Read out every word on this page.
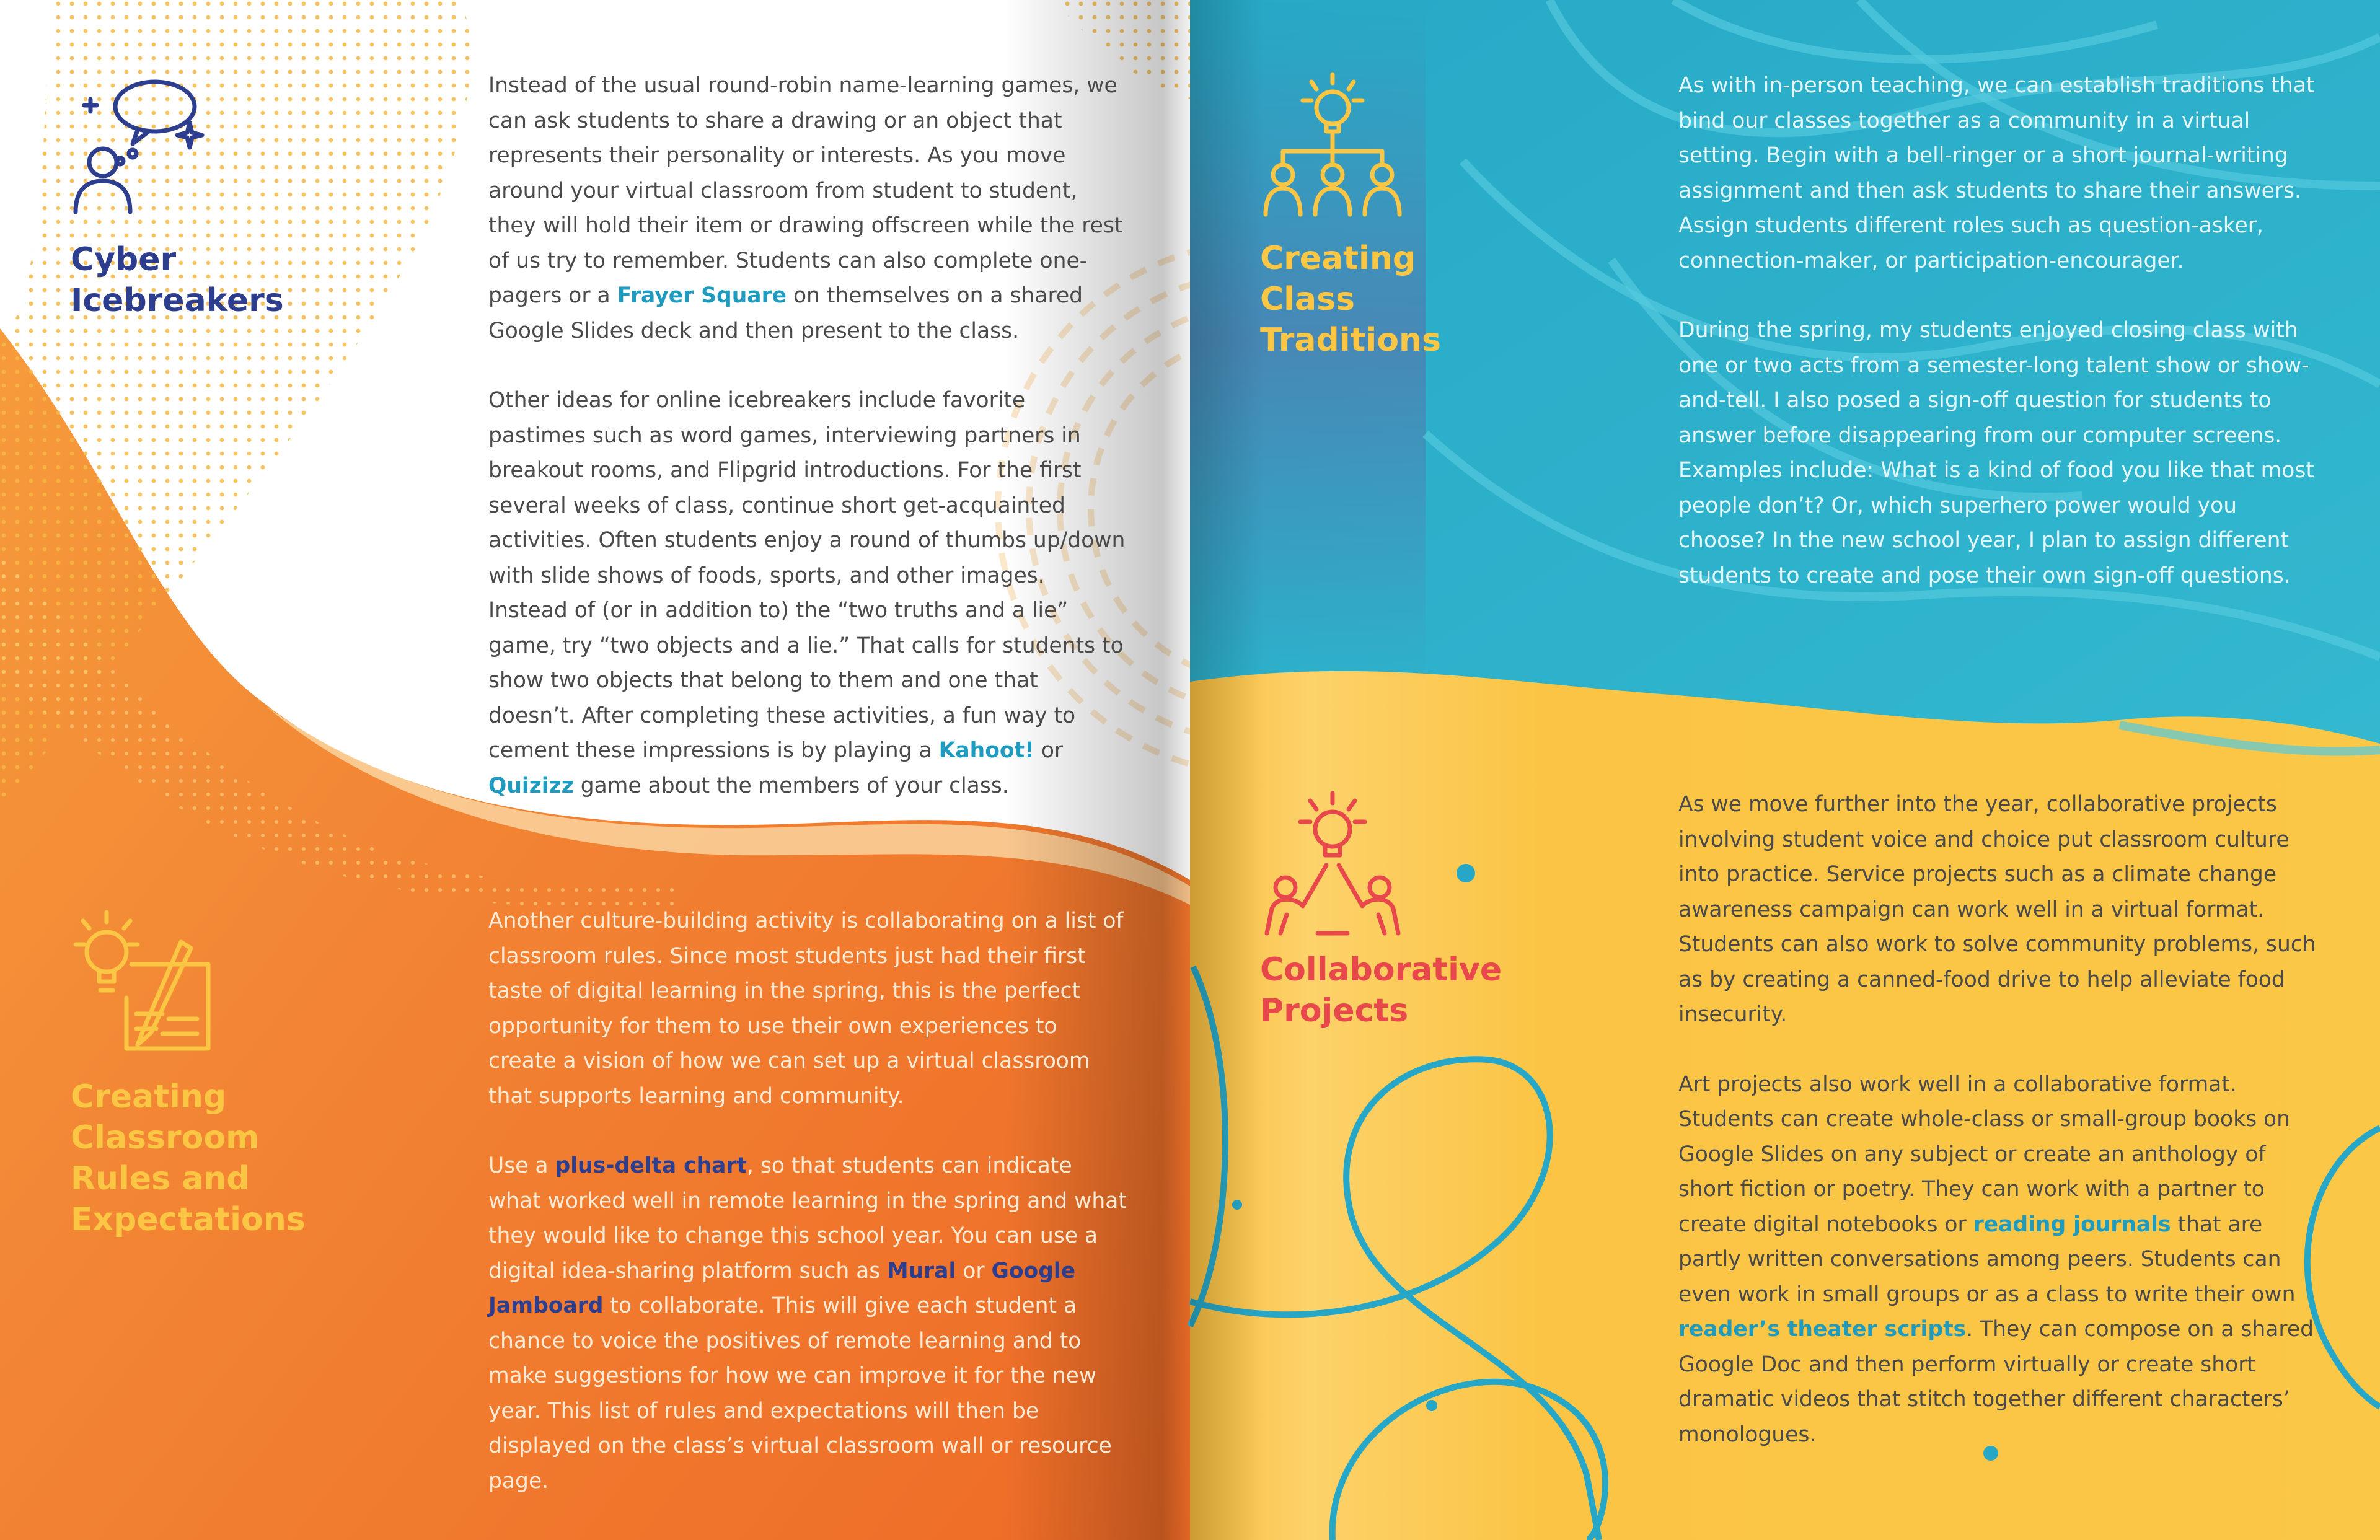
Cyber
Icebreakers

Instead of the usual round-robin name-learning games, we can ask students to share a drawing or an object that represents their personality or interests. As you move around your virtual classroom from student to student, they will hold their item or drawing offscreen while the rest of us try to remember. Students can also complete one-pagers or a Frayer Square on themselves on a shared Google Slides deck and then present to the class.

Other ideas for online icebreakers include favorite pastimes such as word games, interviewing partners in breakout rooms, and Flipgrid introductions. For the first several weeks of class, continue short get-acquainted activities. Often students enjoy a round of thumbs up/down with slide shows of foods, sports, and other images. Instead of (or in addition to) the “two truths and a lie” game, try “two objects and a lie.” That calls for students to show two objects that belong to them and one that doesn’t. After completing these activities, a fun way to cement these impressions is by playing a Kahoot! or Quizizz game about the members of your class.

Creating
Classroom
Rules and
Expectations

Another culture-building activity is collaborating on a list of classroom rules. Since most students just had their first taste of digital learning in the spring, this is the perfect opportunity for them to use their own experiences to create a vision of how we can set up a virtual classroom that supports learning and community.

Use a plus-delta chart, so that students can indicate what worked well in remote learning in the spring and what they would like to change this school year. You can use a digital idea-sharing platform such as Mural or Google Jamboard to collaborate. This will give each student a chance to voice the positives of remote learning and to make suggestions for how we can improve it for the new year. This list of rules and expectations will then be displayed on the class’s virtual classroom wall or resource page.

Creating Class
Traditions

As with in-person teaching, we can establish traditions that bind our classes together as a community in a virtual setting. Begin with a bell-ringer or a short journal-writing assignment and then ask students to share their answers. Assign students different roles such as question-asker, connection-maker, or participation-encourager.

During the spring, my students enjoyed closing class with one or two acts from a semester-long talent show or show-and-tell. I also posed a sign-off question for students to answer before disappearing from our computer screens. Examples include: What is a kind of food you like that most people don’t? Or, which superhero power would you choose? In the new school year, I plan to assign different students to create and pose their own sign-off questions.

Collaborative
Projects

As we move further into the year, collaborative projects involving student voice and choice put classroom culture into practice. Service projects such as a climate change awareness campaign can work well in a virtual format. Students can also work to solve community problems, such as by creating a canned-food drive to help alleviate food insecurity.

Art projects also work well in a collaborative format. Students can create whole-class or small-group books on Google Slides on any subject or create an anthology of short fiction or poetry. They can work with a partner to create digital notebooks or reading journals that are partly written conversations among peers. Students can even work in small groups or as a class to write their own reader’s theater scripts. They can compose on a shared Google Doc and then perform virtually or create short dramatic videos that stitch together different characters’ monologues.
